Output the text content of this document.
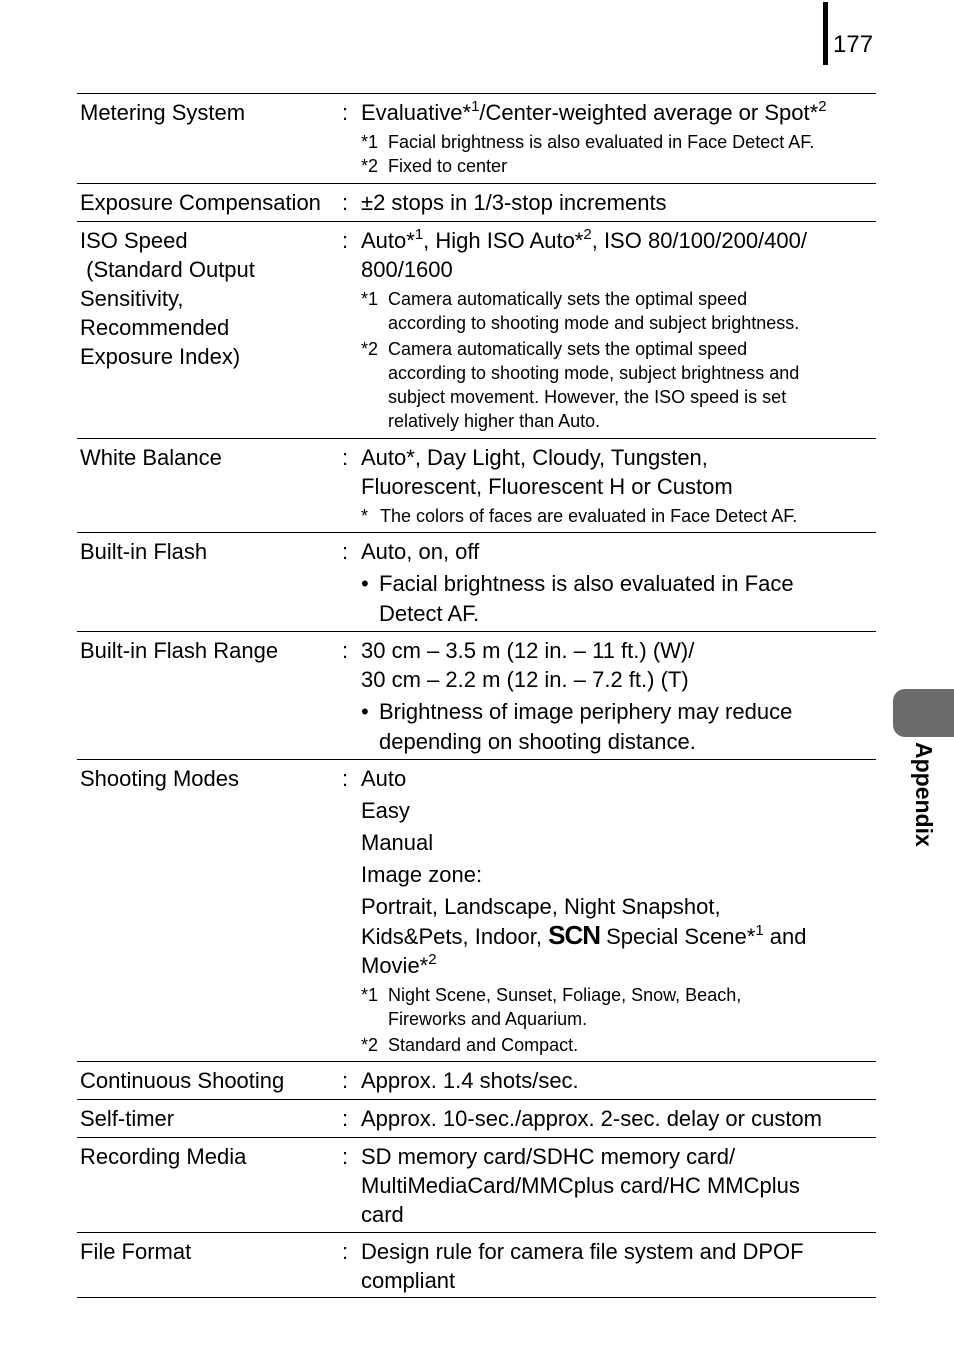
177
Appendix
Metering System	: Evaluative*$^1$/Center-weighted average or Spot*$^2$
*1 Facial brightness is also evaluated in Face Detect AF.
*2 Fixed to center
Exposure Compensation : ±2 stops in 1/3-stop increments
ISO Speed
(Standard Output
Sensitivity,
Recommended
Exposure Index)
: Auto*$^1$, High ISO Auto*$^2$, ISO 80/100/200/400/
800/1600
*1 Camera automatically sets the optimal speed
according to shooting mode and subject brightness.
*2 Camera automatically sets the optimal speed
according to shooting mode, subject brightness and
subject movement. However, the ISO speed is set
relatively higher than Auto.
White Balance	: Auto*, Day Light, Cloudy, Tungsten,
Fluorescent, Fluorescent H or Custom
* The colors of faces are evaluated in Face Detect AF.
Built-in Flash	: Auto, on, off
• Facial brightness is also evaluated in Face
Detect AF.
Built-in Flash Range	: 30 cm – 3.5 m (12 in. – 11 ft.) (W)/
30 cm – 2.2 m (12 in. – 7.2 ft.) (T)
• Brightness of image periphery may reduce
depending on shooting distance.
Shooting Modes	: Auto
Easy
Manual
Image zone:
Portrait, Landscape, Night Snapshot,
Kids&Pets, Indoor, SCN Special Scene*$^1$ and
Movie*$^2$
*1 Night Scene, Sunset, Foliage, Snow, Beach,
Fireworks and Aquarium.
*2 Standard and Compact.
Continuous Shooting	: Approx. 1.4 shots/sec.
Self-timer	: Approx. 10-sec./approx. 2-sec. delay or custom
Recording Media	: SD memory card/SDHC memory card/
MultiMediaCard/MMCplus card/HC MMCplus
card
File Format	: Design rule for camera file system and DPOF
compliant
